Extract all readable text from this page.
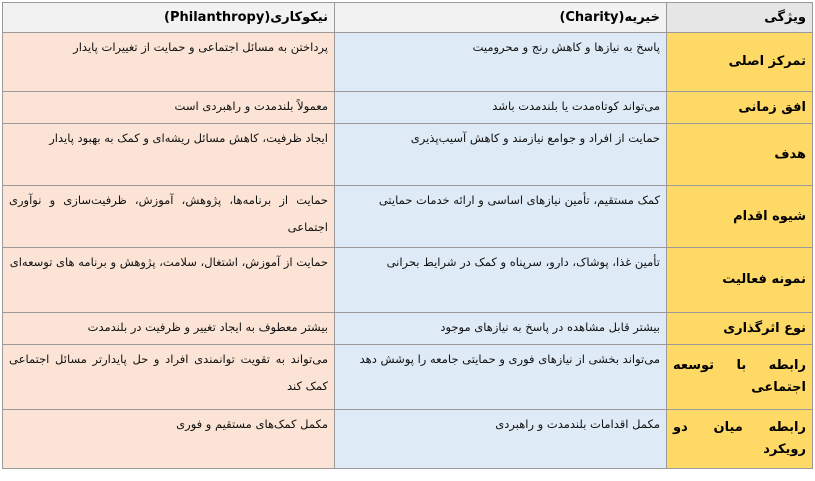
ویژگی	خیریه(Charity)	نیکوکاری(Philanthropy)
تمرکز اصلی	پاسخ به نیازها و کاهش رنج و محرومیت	پرداختن به مسائل اجتماعی و حمایت از تغییرات پایدار
افق زمانی	می‌تواند کوتاه‌مدت یا بلندمدت باشد	معمولاً بلندمدت و راهبردی است
هدف	حمایت از افراد و جوامع نیازمند و کاهش آسیب‌پذیری	ایجاد ظرفیت، کاهش مسائل ریشه‌ای و کمک به بهبود پایدار
شیوه اقدام	کمک مستقیم، تأمین نیازهای اساسی و ارائه خدمات حمایتی	حمایت از برنامه‌ها، پژوهش، آموزش، ظرفیت‌سازی و نوآوری اجتماعی
نمونه فعالیت	تأمین غذا، پوشاک، دارو، سرپناه و کمک در شرایط بحرانی	حمایت از آموزش، اشتغال، سلامت، پژوهش و برنامه های توسعه‌ای
نوع اثرگذاری	بیشتر قابل مشاهده در پاسخ به نیازهای موجود	بیشتر معطوف به ایجاد تغییر و ظرفیت در بلندمدت
رابطه با توسعه اجتماعی	می‌تواند بخشی از نیازهای فوری و حمایتی جامعه را پوشش دهد	می‌تواند به تقویت توانمندی افراد و حل پایدارتر مسائل اجتماعی کمک کند
رابطه میان دو رویکرد	مکمل اقدامات بلندمدت و راهبردی	مکمل کمک‌های مستقیم و فوری
